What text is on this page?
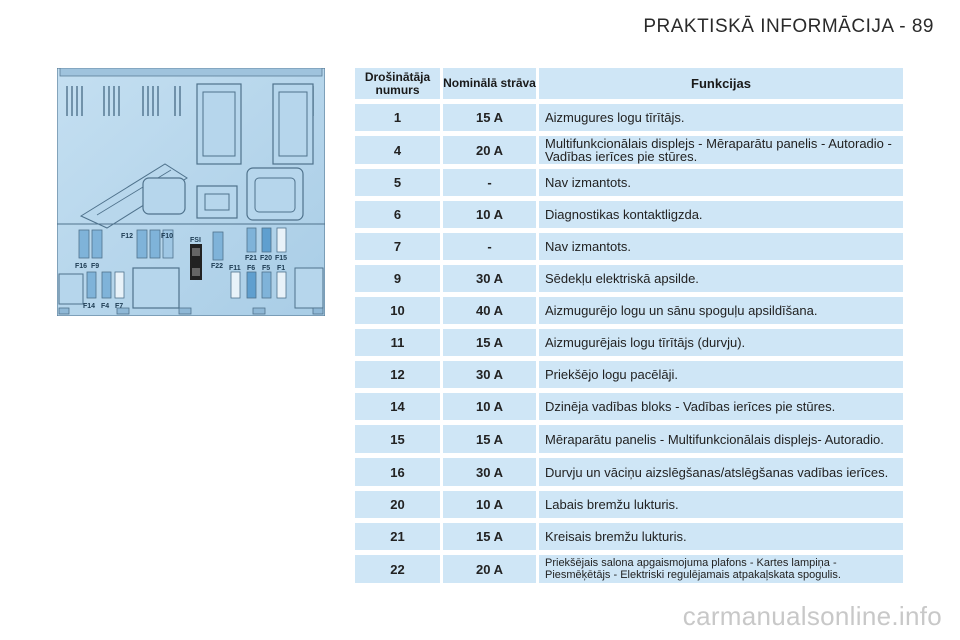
PRAKTISKĀ INFORMĀCIJA - 89
F12	F10
F16 F9
FSI
F22
F21 F20 F15
F11 F6 F5 F1
F14 F4 F7
Drošinātāja numurs	Nominālā strāva	Funkcijas
1	15 A	Aizmugures logu tīrītājs.
4	20 A	Multifunkcionālais displejs - Mēraparātu panelis - Autoradio - Vadības ierīces pie stūres.
5	-	Nav izmantots.
6	10 A	Diagnostikas kontaktligzda.
7	-	Nav izmantots.
9	30 A	Sēdekļu elektriskā apsilde.
10	40 A	Aizmugurējo logu un sānu spoguļu apsildīšana.
11	15 A	Aizmugurējais logu tīrītājs (durvju).
12	30 A	Priekšējo logu pacēlāji.
14	10 A	Dzinēja vadības bloks - Vadības ierīces pie stūres.
15	15 A	Mēraparātu panelis - Multifunkcionālais displejs- Autoradio.
16	30 A	Durvju un vāciņu aizslēgšanas/atslēgšanas vadības ierīces.
20	10 A	Labais bremžu lukturis.
21	15 A	Kreisais bremžu lukturis.
22	20 A	Priekšējais salona apgaismojuma plafons - Kartes lampiņa - Piesmēķētājs - Elektriski regulējamais atpakaļskata spogulis.
carmanualsonline.info
